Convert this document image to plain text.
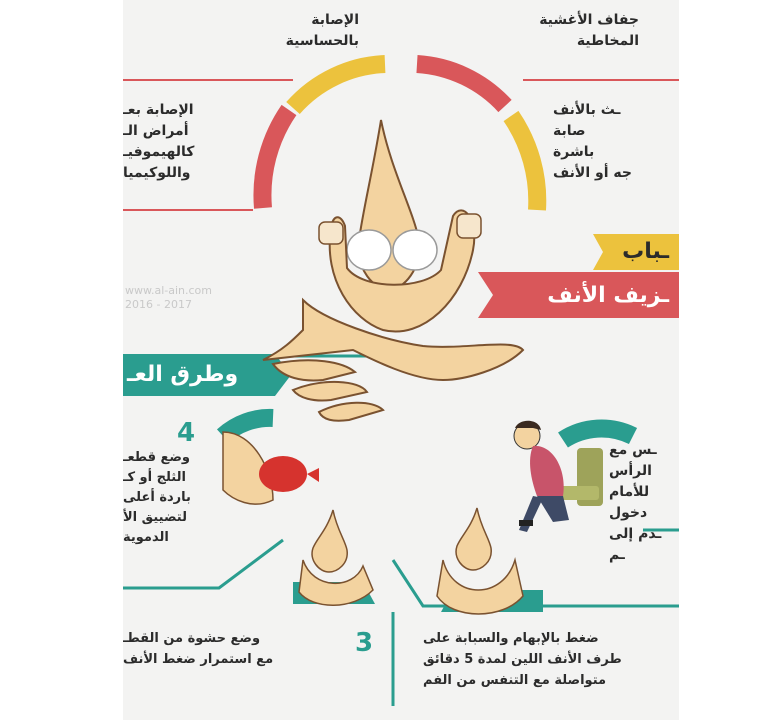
الإصابة
بالحساسية
جفاف الأغشية
المخاطية
الإصابة بعـ
أمراض الـ
كالهيموفيـ
واللوكيميا
ـث بالأنف
صابة
باشرة
جه أو الأنف
ـباب
ـزيف الأنف
وطرق العـ
4
وضع قطعـ
الثلج أو كـ
باردة أعلى
لتضييق الأ
الدموية
ـس مع
الرأس
للأمام
دخول
ـدم إلى
ـم
3
وضع حشوة من القطـ
مع استمرار ضغط الأنف
ضغط بالإبهام والسبابة على
طرف الأنف اللين لمدة 5 دقائق
متواصلة مع التنفس من الفم
www.al-ain.com
2016 - 2017
